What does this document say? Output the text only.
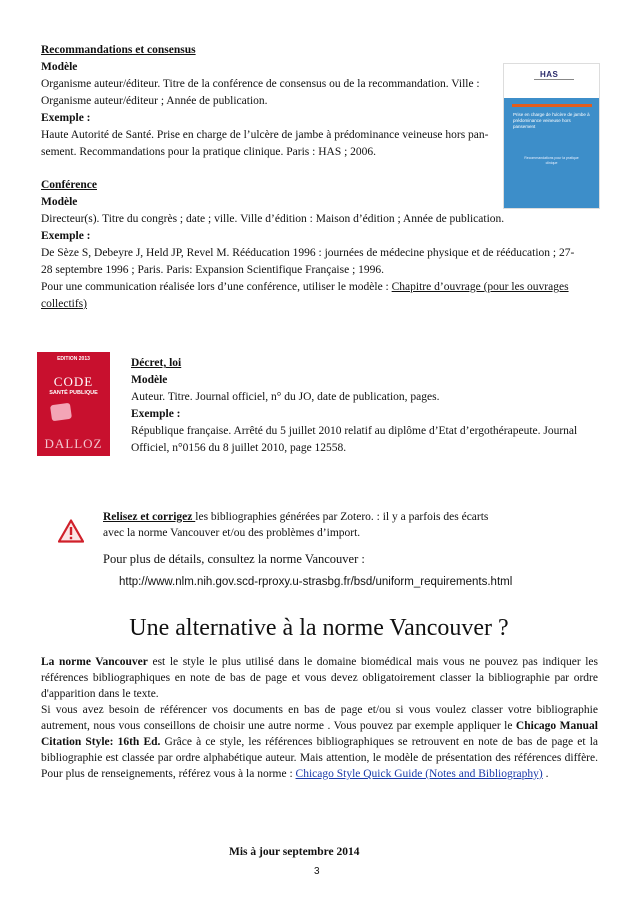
Recommandations et consensus
Modèle
Organisme auteur/éditeur. Titre de la conférence de consensus ou de la recommandation. Ville :
Organisme auteur/éditeur ; Année de publication.
Exemple :
Haute Autorité de Santé. Prise en charge de l’ulcère de jambe à prédominance veineuse hors pan-
sement. Recommandations pour la pratique clinique. Paris : HAS ; 2006.
HAS
Prise en charge de l'ulcère de jambe à prédominance veineuse hors pansement
Recommandations pour la pratique clinique
Conférence
Modèle
Directeur(s). Titre du congrès ; date ; ville. Ville d’édition : Maison d’édition ; Année de publication.
Exemple :
De Sèze S, Debeyre J, Held JP, Revel M. Rééducation 1996 : journées de médecine physique et de rééducation ; 27-
28 septembre 1996 ; Paris. Paris: Expansion Scientifique Française ; 1996.
Pour une communication réalisée lors d’une conférence, utiliser le modèle : Chapitre d’ouvrage (pour les ouvrages
collectifs)
EDITION 2013
CODE
SANTÉ PUBLIQUE
DALLOZ
Décret, loi
Modèle
Auteur. Titre. Journal officiel, n° du JO, date de publication, pages.
Exemple :
République française. Arrêté du 5 juillet 2010 relatif au diplôme d’Etat d’ergothérapeute. Journal
Officiel, n°0156 du 8 juillet 2010, page 12558.
Relisez et corrigez les bibliographies générées par Zotero. : il y a parfois des écarts
avec la norme Vancouver et/ou des problèmes d’import.
Pour plus de détails, consultez la norme Vancouver :
http://www.nlm.nih.gov.scd-rproxy.u-strasbg.fr/bsd/uniform_requirements.html
Une alternative à la norme Vancouver ?
La norme Vancouver est le style le plus utilisé dans le domaine biomédical mais vous ne pouvez pas indiquer les références bibliographiques en note de bas de page et vous devez obligatoirement classer la bibliographie par ordre d'apparition dans le texte.
Si vous avez besoin de référencer vos documents en bas de page et/ou si vous voulez classer votre bibliographie autrement, nous vous conseillons de choisir une autre norme . Vous pouvez par exemple appliquer le Chicago Manual Citation Style: 16th Ed. Grâce à ce style, les références bibliographiques se retrouvent en note de bas de page et la bibliographie est classée par ordre alphabétique auteur. Mais attention, le modèle de présentation des références diffère. Pour plus de renseignements, référez vous à la norme : Chicago Style Quick Guide (Notes and Bibliography) .
Mis à jour septembre 2014
3
